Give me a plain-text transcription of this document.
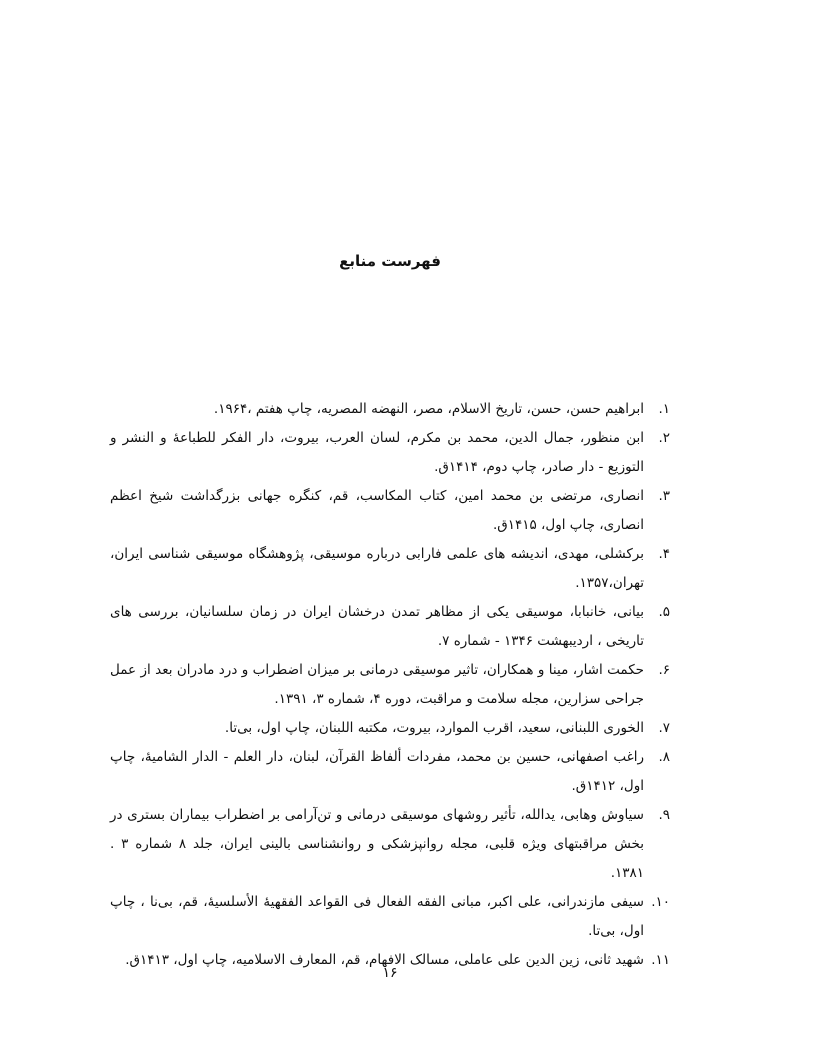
فهرست منابع
۱.
ابراهیم حسن، حسن، تاریخ الاسلام، مصر، النهضه المصریه، چاپ هفتم ،۱۹۶۴.
۲.
ابن منظور، جمال الدین، محمد بن مکرم، لسان العرب، بیروت، دار الفکر للطباعهٔ و النشر و التوزیع - دار صادر، چاپ دوم، ۱۴۱۴ق.
۳.
انصاری، مرتضی بن محمد امین، کتاب المکاسب، قم، کنگره جهانی بزرگداشت شیخ اعظم انصاری، چاپ اول، ۱۴۱۵ق.
۴.
برکشلی، مهدی، اندیشه های علمی فارابی درباره موسیقی، پژوهشگاه موسیقی شناسی ایران، تهران،۱۳۵۷.
۵.
بیانی، خانبابا، موسیقی یکی از مظاهر تمدن درخشان ایران در زمان سلسانیان، بررسی های تاریخی ، اردیبهشت ۱۳۴۶ - شماره ۷.
۶.
حکمت اشار، مینا و همکاران، تاثیر موسیقی درمانی بر میزان اضطراب و درد مادران بعد از عمل جراحی سزارین، مجله سلامت و مراقبت، دوره ۴، شماره ۳، ۱۳۹۱.
۷.
الخوری اللبنانی، سعید، اقرب الموارد، بیروت، مکتبه اللبنان، چاپ اول، بی‌تا.
۸.
راغب اصفهانی، حسین بن محمد، مفردات ألفاظ القرآن، لبنان، دار العلم - الدار الشامیهٔ، چاپ اول، ۱۴۱۲ق.
۹.
سیاوش وهابی، یدالله، تأثیر روشهای موسیقی درمانی و تن‌آرامی بر اضطراب بیماران بستری در بخش مراقبتهای ویژه قلبی، مجله روانپزشکی و روانشناسی بالینی ایران، جلد ۸ شماره ۳ . ۱۳۸۱.
۱۰.
سیفی مازندرانی، علی اکبر، مبانی الفقه الفعال فی القواعد الفقهیهٔ الأسلسیهٔ، قم، بی‌نا ، چاپ اول، بی‌تا.
۱۱.
شهید ثانی، زین الدین علی عاملی، مسالک الافهام، قم، المعارف الاسلامیه، چاپ اول، ۱۴۱۳ق.
۱۶
